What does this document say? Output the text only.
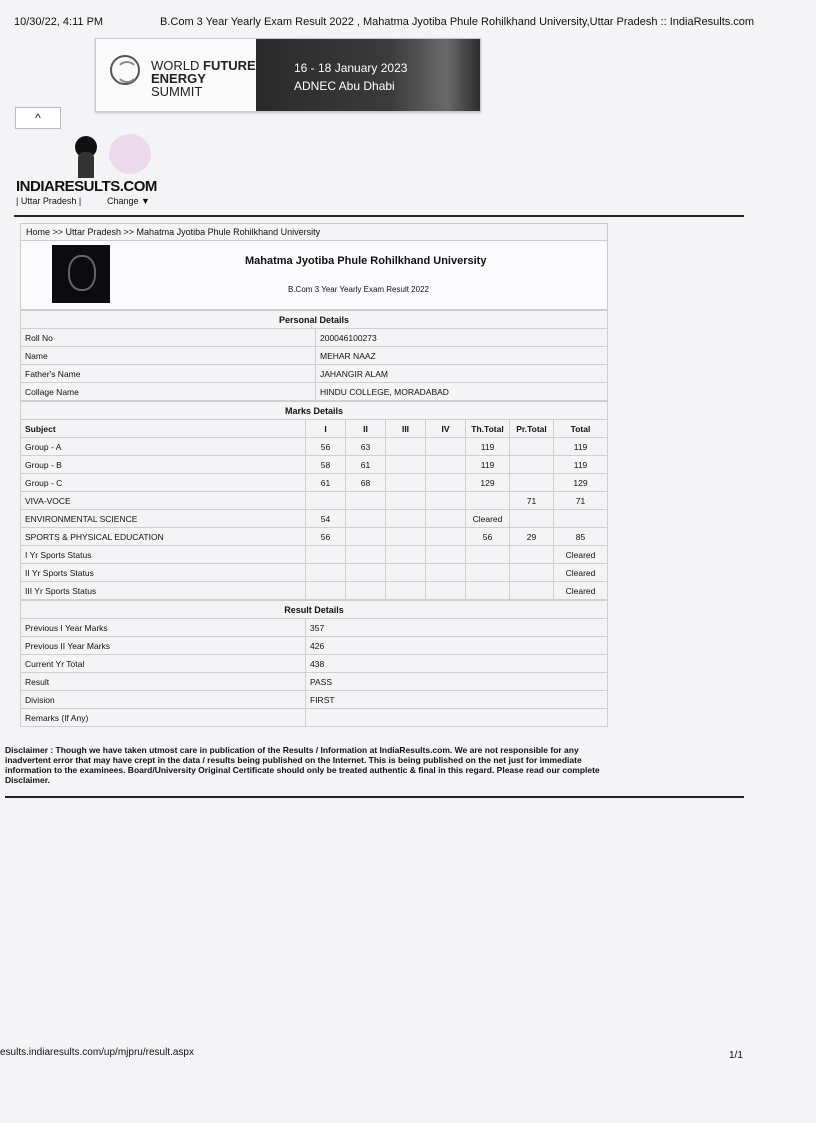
10/30/22, 4:11 PM	B.Com 3 Year Yearly Exam Result 2022 , Mahatma Jyotiba Phule Rohilkhand University,Uttar Pradesh :: IndiaResults.com
WORLD FUTURE
ENERGY SUMMIT
16 - 18 January 2023
ADNEC Abu Dhabi
^
INDIARESULTS.COM
| Uttar Pradesh |	Change ▼
Home >> Uttar Pradesh >> Mahatma Jyotiba Phule Rohilkhand University
Mahatma Jyotiba Phule Rohilkhand University
B.Com 3 Year Yearly Exam Result 2022
Personal Details	
Roll No	200046100273
Name	MEHAR NAAZ
Father's Name	JAHANGIR ALAM
Collage Name	HINDU COLLEGE, MORADABAD
Marks Details							
Subject	I	II	III	IV	Th.Total	Pr.Total	Total
Group - A	56	63			119		119
Group - B	58	61			119		119
Group - C	61	68			129		129
VIVA-VOCE						71	71
ENVIRONMENTAL SCIENCE	54				Cleared		
SPORTS & PHYSICAL EDUCATION	56				56	29	85
I Yr Sports Status							Cleared
II Yr Sports Status							Cleared
III Yr Sports Status							Cleared
Result Details	
Previous I Year Marks	357
Previous II Year Marks	426
Current Yr Total	438
Result	PASS
Division	FIRST
Remarks (If Any)	
Disclaimer : Though we have taken utmost care in publication of the Results / Information at IndiaResults.com. We are not responsible for any inadvertent error that may have crept in the data / results being published on the Internet. This is being published on the net just for immediate information to the examinees. Board/University Original Certificate should only be treated authentic & final in this regard. Please read our complete Disclaimer.
esults.indiaresults.com/up/mjpru/result.aspx	1/1
